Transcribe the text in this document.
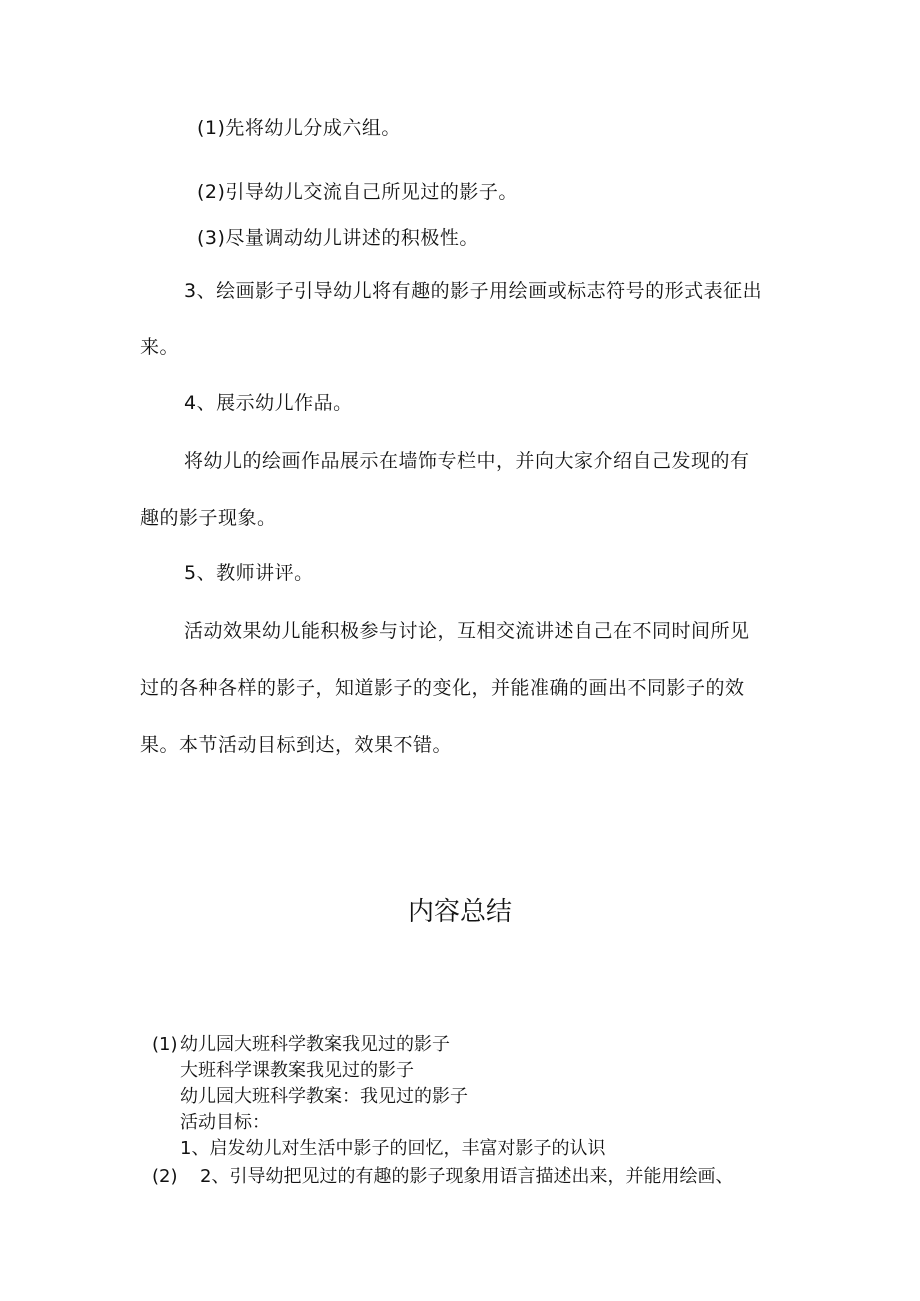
(1)先将幼儿分成六组。
(2)引导幼儿交流自己所见过的影子。
(3)尽量调动幼儿讲述的积极性。
3、绘画影子引导幼儿将有趣的影子用绘画或标志符号的形式表征出
来。
4、展示幼儿作品。
将幼儿的绘画作品展示在墙饰专栏中，并向大家介绍自己发现的有
趣的影子现象。
5、教师讲评。
活动效果幼儿能积极参与讨论，互相交流讲述自己在不同时间所见
过的各种各样的影子，知道影子的变化，并能准确的画出不同影子的效
果。本节活动目标到达，效果不错。
内容总结
(1) 幼儿园大班科学教案我见过的影子
大班科学课教案我见过的影子
幼儿园大班科学教案：我见过的影子
活动目标：
1、启发幼儿对生活中影子的回忆，丰富对影子的认识
(2) 2、引导幼把见过的有趣的影子现象用语言描述出来，并能用绘画、
